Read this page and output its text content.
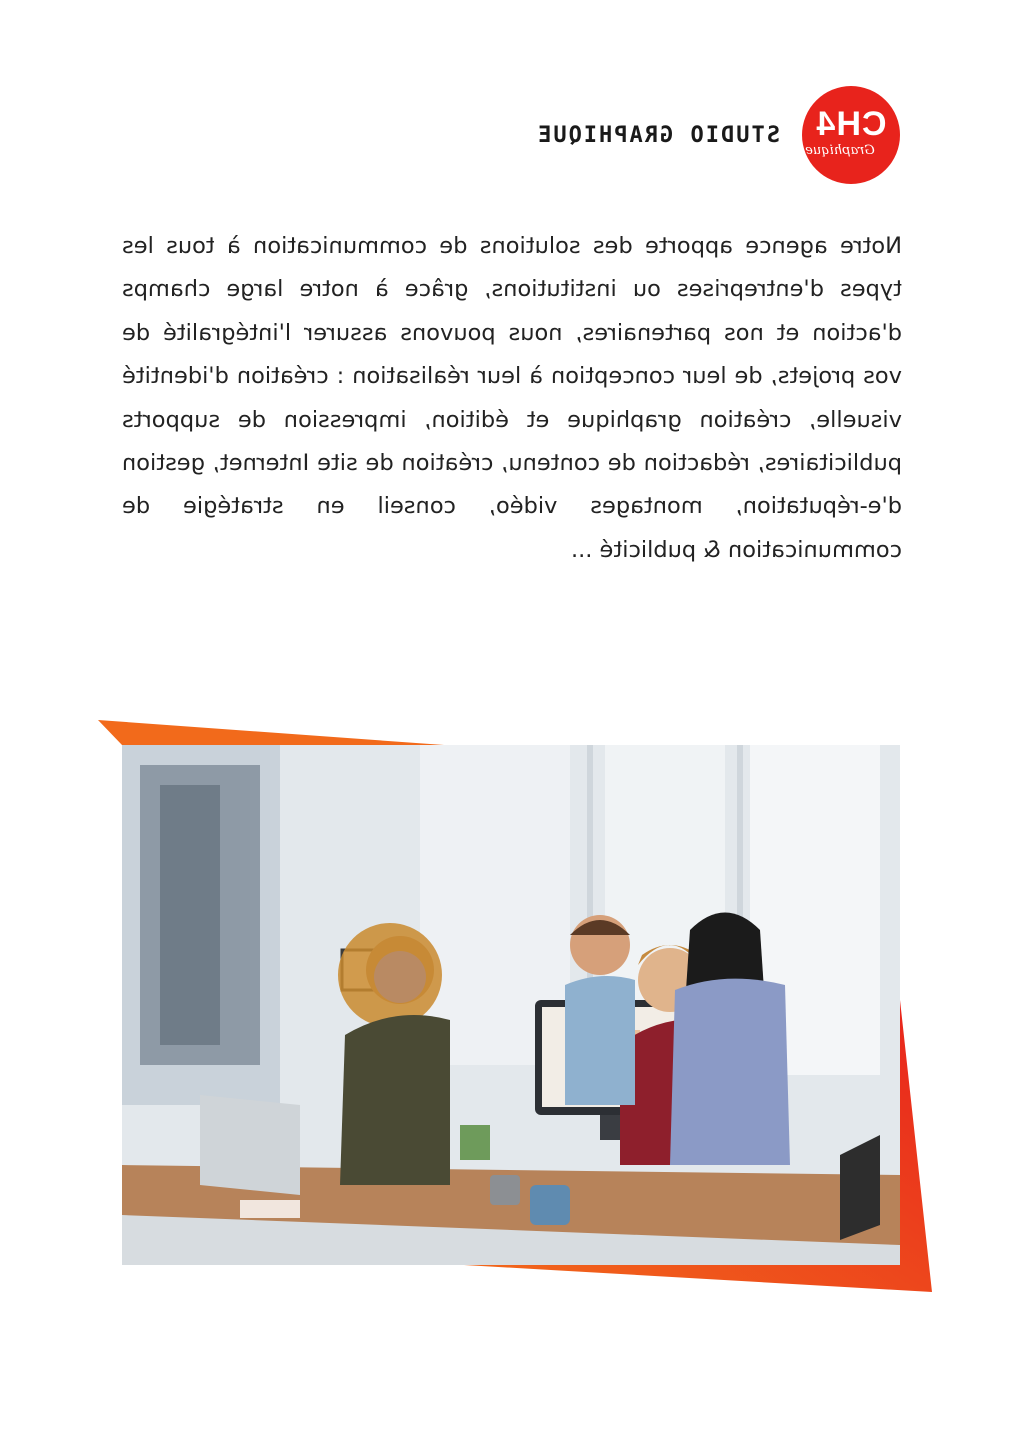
CH4
Graphique
STUDIO GRAPHIQUE

Notre agence apporte des solutions de communication à tous les types d'entreprises ou institutions, grâce à notre large champs d'action et nos partenaires, nous pouvons assurer l'intégralité de vos projets, de leur conception à leur réalisation : création d'identité visuelle, création graphique et édition, impression de supports publicitaires, rédaction de contenu, création de site Internet, gestion d'e-réputation, montages vidéo, conseil en stratégie de communication & publicité ...
